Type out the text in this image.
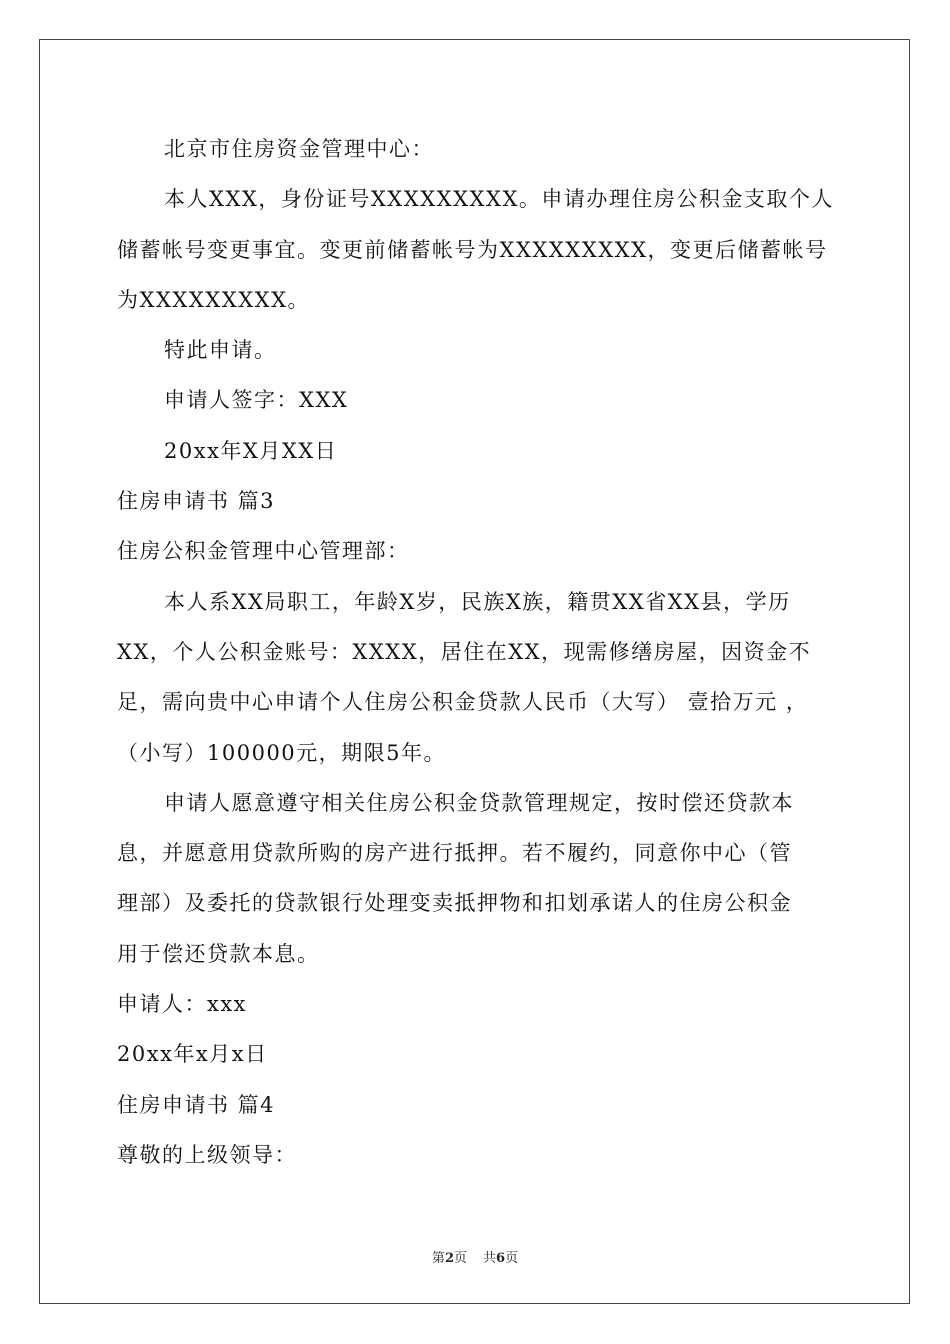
北京市住房资金管理中心：
本人XXX，身份证号XXXXXXXXX。申请办理住房公积金支取个人
储蓄帐号变更事宜。变更前储蓄帐号为XXXXXXXXX，变更后储蓄帐号
为XXXXXXXXX。
特此申请。
申请人签字：XXX
20xx年X月XX日
住房申请书 篇3
住房公积金管理中心管理部：
本人系XX局职工，年龄X岁，民族X族，籍贯XX省XX县，学历
XX，个人公积金账号：XXXX，居住在XX，现需修缮房屋，因资金不
足，需向贵中心申请个人住房公积金贷款人民币（大写） 壹拾万元 ，
（小写）100000元，期限5年。
申请人愿意遵守相关住房公积金贷款管理规定，按时偿还贷款本
息，并愿意用贷款所购的房产进行抵押。若不履约，同意你中心（管
理部）及委托的贷款银行处理变卖抵押物和扣划承诺人的住房公积金
用于偿还贷款本息。
申请人：xxx
20xx年x月x日
住房申请书 篇4
尊敬的上级领导：
第2页 共6页
